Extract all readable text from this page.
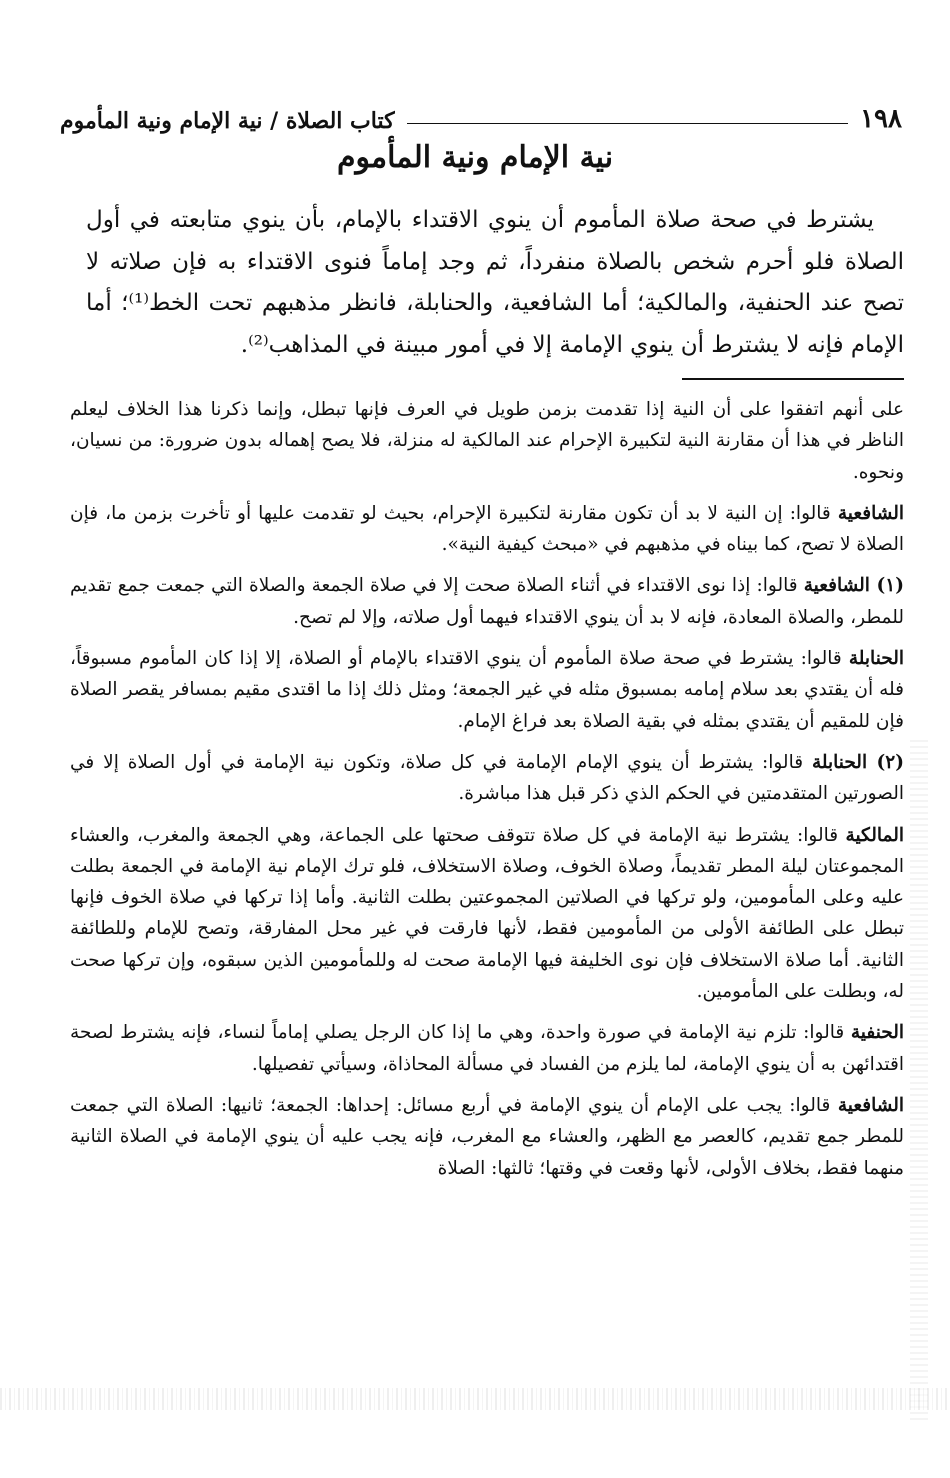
١٩٨
كتاب الصلاة / نية الإمام ونية المأموم
نية الإمام ونية المأموم

يشترط في صحة صلاة المأموم أن ينوي الاقتداء بالإمام، بأن ينوي متابعته في أول الصلاة فلو أحرم شخص بالصلاة منفرداً، ثم وجد إماماً فنوى الاقتداء به فإن صلاته لا تصح عند الحنفية، والمالكية؛ أما الشافعية، والحنابلة، فانظر مذهبهم تحت الخط⁽¹⁾؛ أما الإمام فإنه لا يشترط أن ينوي الإمامة إلا في أمور مبينة في المذاهب⁽²⁾.

على أنهم اتفقوا على أن النية إذا تقدمت بزمن طويل في العرف فإنها تبطل، وإنما ذكرنا هذا الخلاف ليعلم الناظر في هذا أن مقارنة النية لتكبيرة الإحرام عند المالكية له منزلة، فلا يصح إهماله بدون ضرورة: من نسيان، ونحوه.

الشافعية قالوا: إن النية لا بد أن تكون مقارنة لتكبيرة الإحرام، بحيث لو تقدمت عليها أو تأخرت بزمن ما، فإن الصلاة لا تصح، كما بيناه في مذهبهم في «مبحث كيفية النية».

(١) الشافعية قالوا: إذا نوى الاقتداء في أثناء الصلاة صحت إلا في صلاة الجمعة والصلاة التي جمعت جمع تقديم للمطر، والصلاة المعادة، فإنه لا بد أن ينوي الاقتداء فيهما أول صلاته، وإلا لم تصح.

الحنابلة قالوا: يشترط في صحة صلاة المأموم أن ينوي الاقتداء بالإمام أو الصلاة، إلا إذا كان المأموم مسبوقاً، فله أن يقتدي بعد سلام إمامه بمسبوق مثله في غير الجمعة؛ ومثل ذلك إذا ما اقتدى مقيم بمسافر يقصر الصلاة فإن للمقيم أن يقتدي بمثله في بقية الصلاة بعد فراغ الإمام.

(٢) الحنابلة قالوا: يشترط أن ينوي الإمام الإمامة في كل صلاة، وتكون نية الإمامة في أول الصلاة إلا في الصورتين المتقدمتين في الحكم الذي ذكر قبل هذا مباشرة.

المالكية قالوا: يشترط نية الإمامة في كل صلاة تتوقف صحتها على الجماعة، وهي الجمعة والمغرب، والعشاء المجموعتان ليلة المطر تقديماً، وصلاة الخوف، وصلاة الاستخلاف، فلو ترك الإمام نية الإمامة في الجمعة بطلت عليه وعلى المأمومين، ولو تركها في الصلاتين المجموعتين بطلت الثانية. وأما إذا تركها في صلاة الخوف فإنها تبطل على الطائفة الأولى من المأمومين فقط، لأنها فارقت في غير محل المفارقة، وتصح للإمام وللطائفة الثانية. أما صلاة الاستخلاف فإن نوى الخليفة فيها الإمامة صحت له وللمأمومين الذين سبقوه، وإن تركها صحت له، وبطلت على المأمومين.

الحنفية قالوا: تلزم نية الإمامة في صورة واحدة، وهي ما إذا كان الرجل يصلي إماماً لنساء، فإنه يشترط لصحة اقتدائهن به أن ينوي الإمامة، لما يلزم من الفساد في مسألة المحاذاة، وسيأتي تفصيلها.

الشافعية قالوا: يجب على الإمام أن ينوي الإمامة في أربع مسائل: إحداها: الجمعة؛ ثانيها: الصلاة التي جمعت للمطر جمع تقديم، كالعصر مع الظهر، والعشاء مع المغرب، فإنه يجب عليه أن ينوي الإمامة في الصلاة الثانية منهما فقط، بخلاف الأولى، لأنها وقعت في وقتها؛ ثالثها: الصلاة
